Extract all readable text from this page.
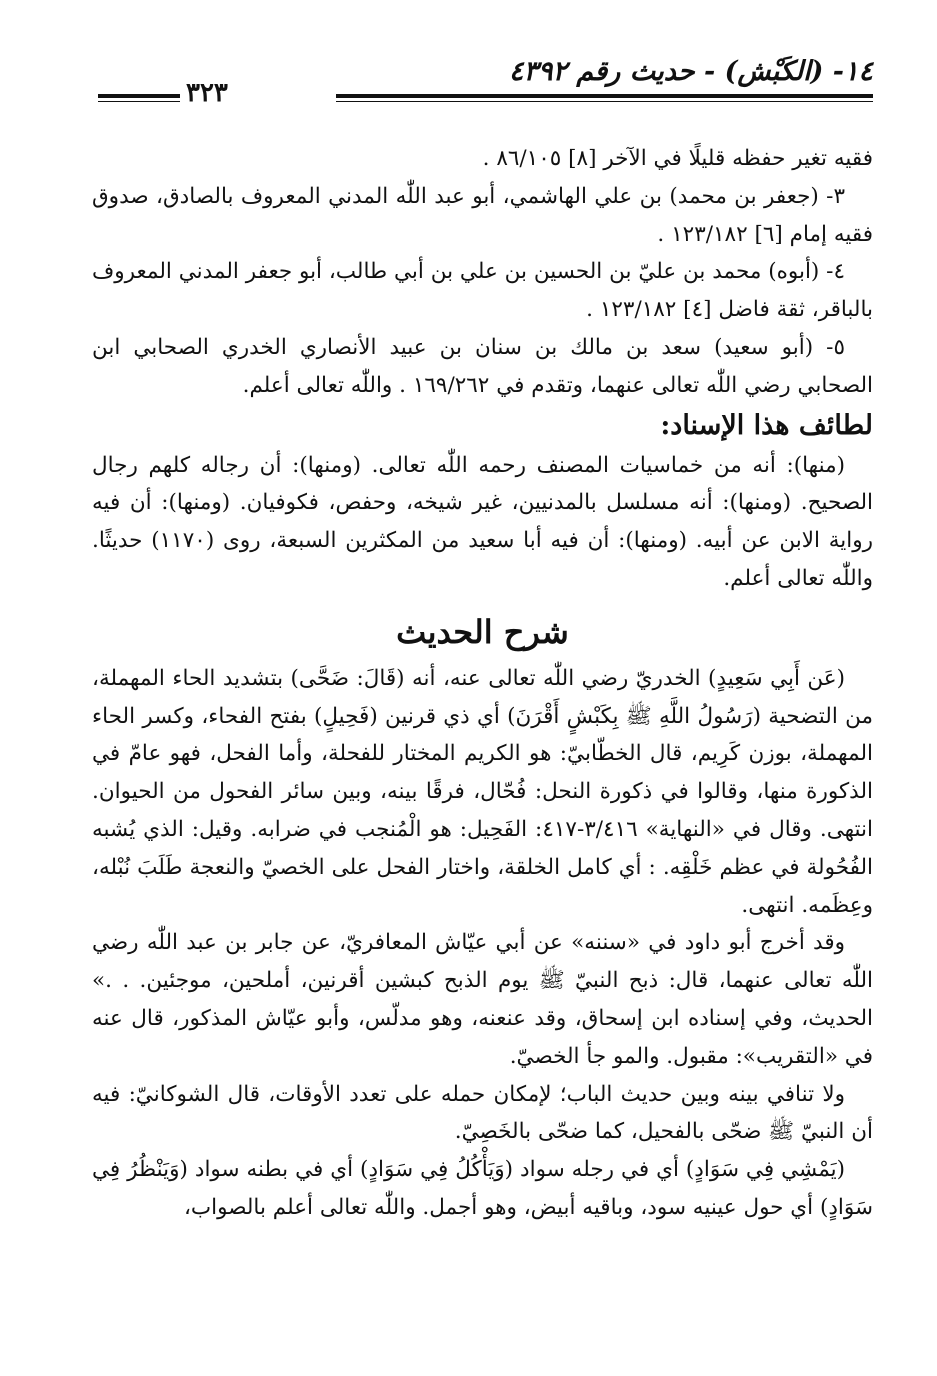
١٤- (الكَبْش) - حديث رقم ٤٣٩٢
٣٢٣

فقيه تغير حفظه قليلًا في الآخر [٨] ٨٦/١٠٥ .

٣- (جعفر بن محمد) بن علي الهاشمي، أبو عبد اللّٰه المدني المعروف بالصادق، صدوق فقيه إمام [٦] ١٢٣/١٨٢ .

٤- (أبوه) محمد بن عليّ بن الحسين بن علي بن أبي طالب، أبو جعفر المدني المعروف بالباقر، ثقة فاضل [٤] ١٢٣/١٨٢ .

٥- (أبو سعيد) سعد بن مالك بن سنان بن عبيد الأنصاري الخدري الصحابي ابن الصحابي رضي اللّٰه تعالى عنهما، وتقدم في ١٦٩/٢٦٢ . واللّٰه تعالى أعلم.

لطائف هذا الإسناد:

(منها): أنه من خماسيات المصنف رحمه اللّٰه تعالى. (ومنها): أن رجاله كلهم رجال الصحيح. (ومنها): أنه مسلسل بالمدنيين، غير شيخه، وحفص، فكوفيان. (ومنها): أن فيه رواية الابن عن أبيه. (ومنها): أن فيه أبا سعيد من المكثرين السبعة، روى (١١٧٠) حديثًا. واللّٰه تعالى أعلم.

شرح الحديث

(عَن أَبِي سَعِيدٍ) الخدريّ رضي اللّٰه تعالى عنه، أنه (قَالَ: ضَحَّى) بتشديد الحاء المهملة، من التضحية (رَسُولُ اللَّهِ ﷺ بِكَبْشٍ أَقْرَنَ) أي ذي قرنين (فَحِيلٍ) بفتح الفحاء، وكسر الحاء المهملة، بوزن كَرِيم، قال الخطّابيّ: هو الكريم المختار للفحلة، وأما الفحل، فهو عامّ في الذكورة منها، وقالوا في ذكورة النحل: فُحّال، فرقًا بينه، وبين سائر الفحول من الحيوان. انتهى. وقال في «النهاية» ٣/٤١٦-٤١٧: الفَحِيل: هو الْمُنجب في ضرابه. وقيل: الذي يُشبه الفُحُولة في عظم خَلْقِه. : أي كامل الخلقة، واختار الفحل على الخصيّ والنعجة طَلَبَ نُبْله، وعِظَمه. انتهى.

وقد أخرج أبو داود في «سننه» عن أبي عيّاش المعافريّ، عن جابر بن عبد اللّٰه رضي اللّٰه تعالى عنهما، قال: ذبح النبيّ ﷺ يوم الذبح كبشين أقرنين، أملحين، موجئين. . .» الحديث، وفي إسناده ابن إسحاق، وقد عنعنه، وهو مدلّس، وأبو عيّاش المذكور، قال عنه في «التقريب»: مقبول. والمو جأ الخصيّ.

ولا تنافي بينه وبين حديث الباب؛ لإمكان حمله على تعدد الأوقات، قال الشوكانيّ: فيه أن النبيّ ﷺ ضحّى بالفحيل، كما ضحّى بالخَصِيّ.

(يَمْشِي فِي سَوَادٍ) أي في رجله سواد (وَيَأْكُلُ فِي سَوَادٍ) أي في بطنه سواد (وَيَنْظُرُ فِي سَوَادٍ) أي حول عينيه سود، وباقيه أبيض، وهو أجمل. واللّٰه تعالى أعلم بالصواب،
